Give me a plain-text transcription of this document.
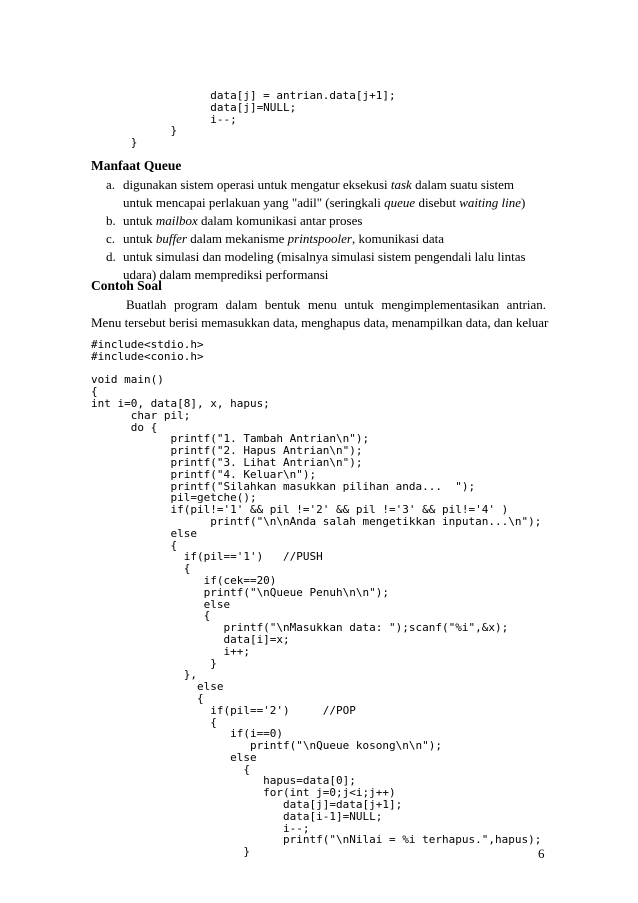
data[j] = antrian.data[j+1];
data[j]=NULL;
i--;
}
}
Manfaat Queue
a. digunakan sistem operasi untuk mengatur eksekusi task dalam suatu sistem untuk mencapai perlakuan yang "adil" (seringkali queue disebut waiting line)
b. untuk mailbox dalam komunikasi antar proses
c. untuk buffer dalam mekanisme printspooler, komunikasi data
d. untuk simulasi dan modeling (misalnya simulasi sistem pengendali lalu lintas udara) dalam memprediksi performansi
Contoh Soal

Buatlah program dalam bentuk menu untuk mengimplementasikan antrian.

Menu tersebut berisi memasukkan data, menghapus data, menampilkan data, dan keluar

#include<stdio.h>
#include<conio.h>

void main()
{
int i=0, data[8], x, hapus;
char pil;
do {
printf("1. Tambah Antrian\n");
printf("2. Hapus Antrian\n");
printf("3. Lihat Antrian\n");
printf("4. Keluar\n");
printf("Silahkan masukkan pilihan anda...  ");
pil=getche();
if(pil!='1' && pil !='2' && pil !='3' && pil!='4' )
printf("\n\nAnda salah mengetikkan inputan...\n");
else
{
if(pil=='1')   //PUSH
{
if(cek==20)
printf("\nQueue Penuh\n\n");
else
{
printf("\nMasukkan data: ");scanf("%i",&x);
data[i]=x;
i++;
}
},
else
{
if(pil=='2')     //POP
{
if(i==0)
printf("\nQueue kosong\n\n");
else
{
hapus=data[0];
for(int j=0;j<i;j++)
data[j]=data[j+1];
data[i-1]=NULL;
i--;
printf("\nNilai = %i terhapus.",hapus);
}	6
